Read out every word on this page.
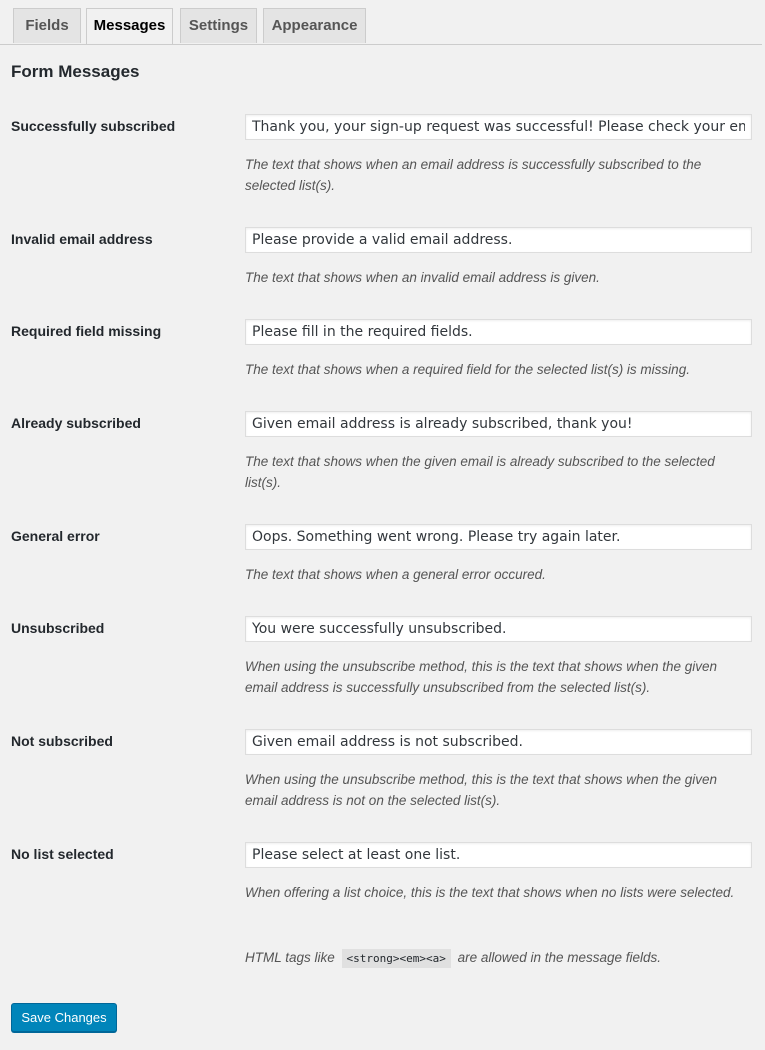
Fields	Messages	Settings	Appearance
Form Messages
Successfully subscribed
Thank you, your sign-up request was successful! Please check your email inbox to confirm.

The text that shows when an email address is successfully subscribed to the selected list(s).

Invalid email address
Please provide a valid email address.

The text that shows when an invalid email address is given.

Required field missing
Please fill in the required fields.

The text that shows when a required field for the selected list(s) is missing.

Already subscribed
Given email address is already subscribed, thank you!

The text that shows when the given email is already subscribed to the selected list(s).

General error
Oops. Something went wrong. Please try again later.

The text that shows when a general error occured.

Unsubscribed
You were successfully unsubscribed.

When using the unsubscribe method, this is the text that shows when the given email address is successfully unsubscribed from the selected list(s).

Not subscribed
Given email address is not subscribed.

When using the unsubscribe method, this is the text that shows when the given email address is not on the selected list(s).

No list selected
Please select at least one list.

When offering a list choice, this is the text that shows when no lists were selected.

HTML tags like <strong><em><a> are allowed in the message fields.
Save Changes
